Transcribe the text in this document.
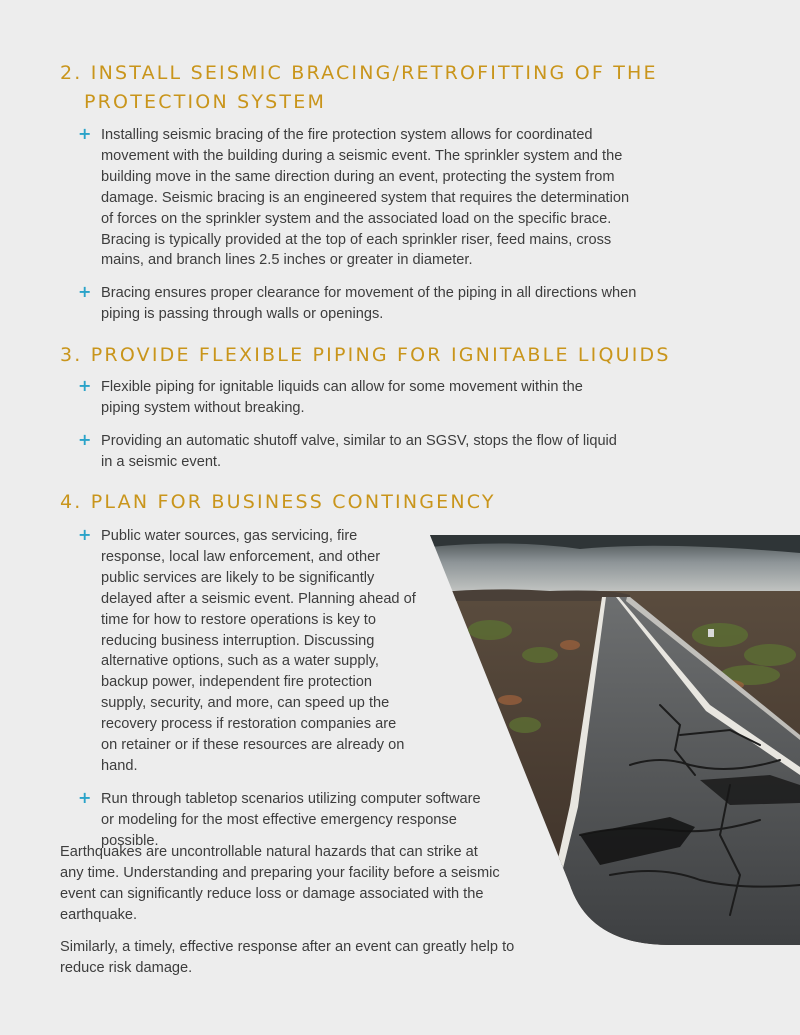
2. INSTALL SEISMIC BRACING/RETROFITTING OF THE
PROTECTION SYSTEM
+ Installing seismic bracing of the fire protection system allows for coordinated movement with the building during a seismic event. The sprinkler system and the building move in the same direction during an event, protecting the system from damage. Seismic bracing is an engineered system that requires the determination of forces on the sprinkler system and the associated load on the specific brace. Bracing is typically provided at the top of each sprinkler riser, feed mains, cross mains, and branch lines 2.5 inches or greater in diameter.
+ Bracing ensures proper clearance for movement of the piping in all directions when piping is passing through walls or openings.
3. PROVIDE FLEXIBLE PIPING FOR IGNITABLE LIQUIDS
+ Flexible piping for ignitable liquids can allow for some movement within the piping system without breaking.
+ Providing an automatic shutoff valve, similar to an SGSV, stops the flow of liquid in a seismic event.
4. PLAN FOR BUSINESS CONTINGENCY
+ Public water sources, gas servicing, fire response, local law enforcement, and other public services are likely to be significantly delayed after a seismic event. Planning ahead of time for how to restore operations is key to reducing business interruption. Discussing alternative options, such as a water supply, backup power, independent fire protection supply, security, and more, can speed up the recovery process if restoration companies are on retainer or if these resources are already on hand.
+ Run through tabletop scenarios utilizing computer software or modeling for the most effective emergency response possible.

Earthquakes are uncontrollable natural hazards that can strike at any time. Understanding and preparing your facility before a seismic event can significantly reduce loss or damage associated with the earthquake.

Similarly, a timely, effective response after an event can greatly help to reduce risk damage.
